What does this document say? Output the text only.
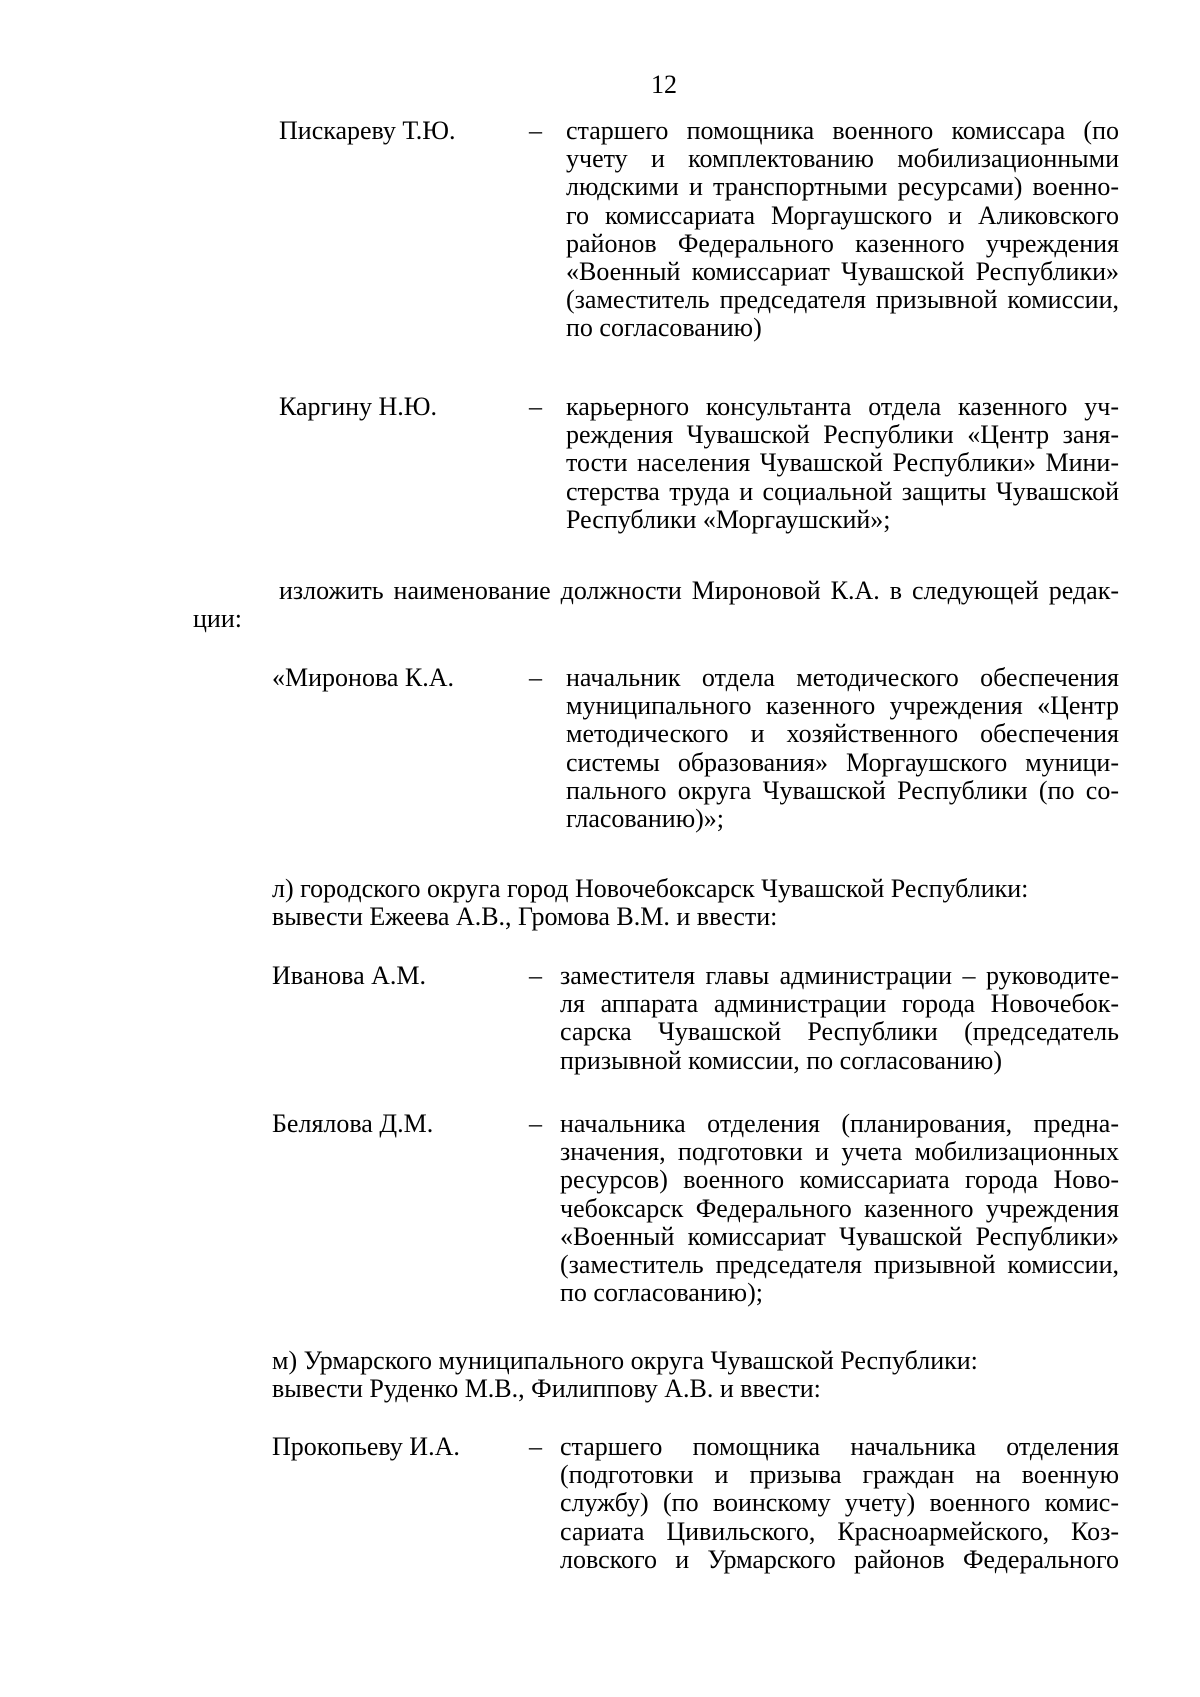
12
Пискареву Т.Ю.	– старшего помощника военного комиссара (по
учету и комплектованию мобилизационными
людскими и транспортными ресурсами) военно-
го комиссариата Моргаушского и Аликовского
районов Федерального казенного учреждения
«Военный комиссариат Чувашской Республики»
(заместитель председателя призывной комиссии,
по согласованию)
Каргину Н.Ю.	– карьерного консультанта отдела казенного уч-
реждения Чувашской Республики «Центр заня-
тости населения Чувашской Республики» Мини-
стерства труда и социальной защиты Чувашской
Республики «Моргаушский»;
изложить наименование должности Мироновой К.А. в следующей редак-
ции:
«Миронова К.А.	– начальник отдела методического обеспечения
муниципального казенного учреждения «Центр
методического и хозяйственного обеспечения
системы образования» Моргаушского муници-
пального округа Чувашской Республики (по со-
гласованию)»;
л) городского округа город Новочебоксарск Чувашской Республики:
вывести Ежеева А.В., Громова В.М. и ввести:
Иванова А.М.	– заместителя главы администрации – руководите-
ля аппарата администрации города Новочебок-
сарска Чувашской Республики (председатель
призывной комиссии, по согласованию)
Белялова Д.М.	– начальника отделения (планирования, предна-
значения, подготовки и учета мобилизационных
ресурсов) военного комиссариата города Ново-
чебоксарск Федерального казенного учреждения
«Военный комиссариат Чувашской Республики»
(заместитель председателя призывной комиссии,
по согласованию);
м) Урмарского муниципального округа Чувашской Республики:
вывести Руденко М.В., Филиппову А.В. и ввести:
Прокопьеву И.А.	– старшего помощника начальника отделения
(подготовки и призыва граждан на военную
службу) (по воинскому учету) военного комис-
сариата Цивильского, Красноармейского, Коз-
ловского и Урмарского районов Федерального
